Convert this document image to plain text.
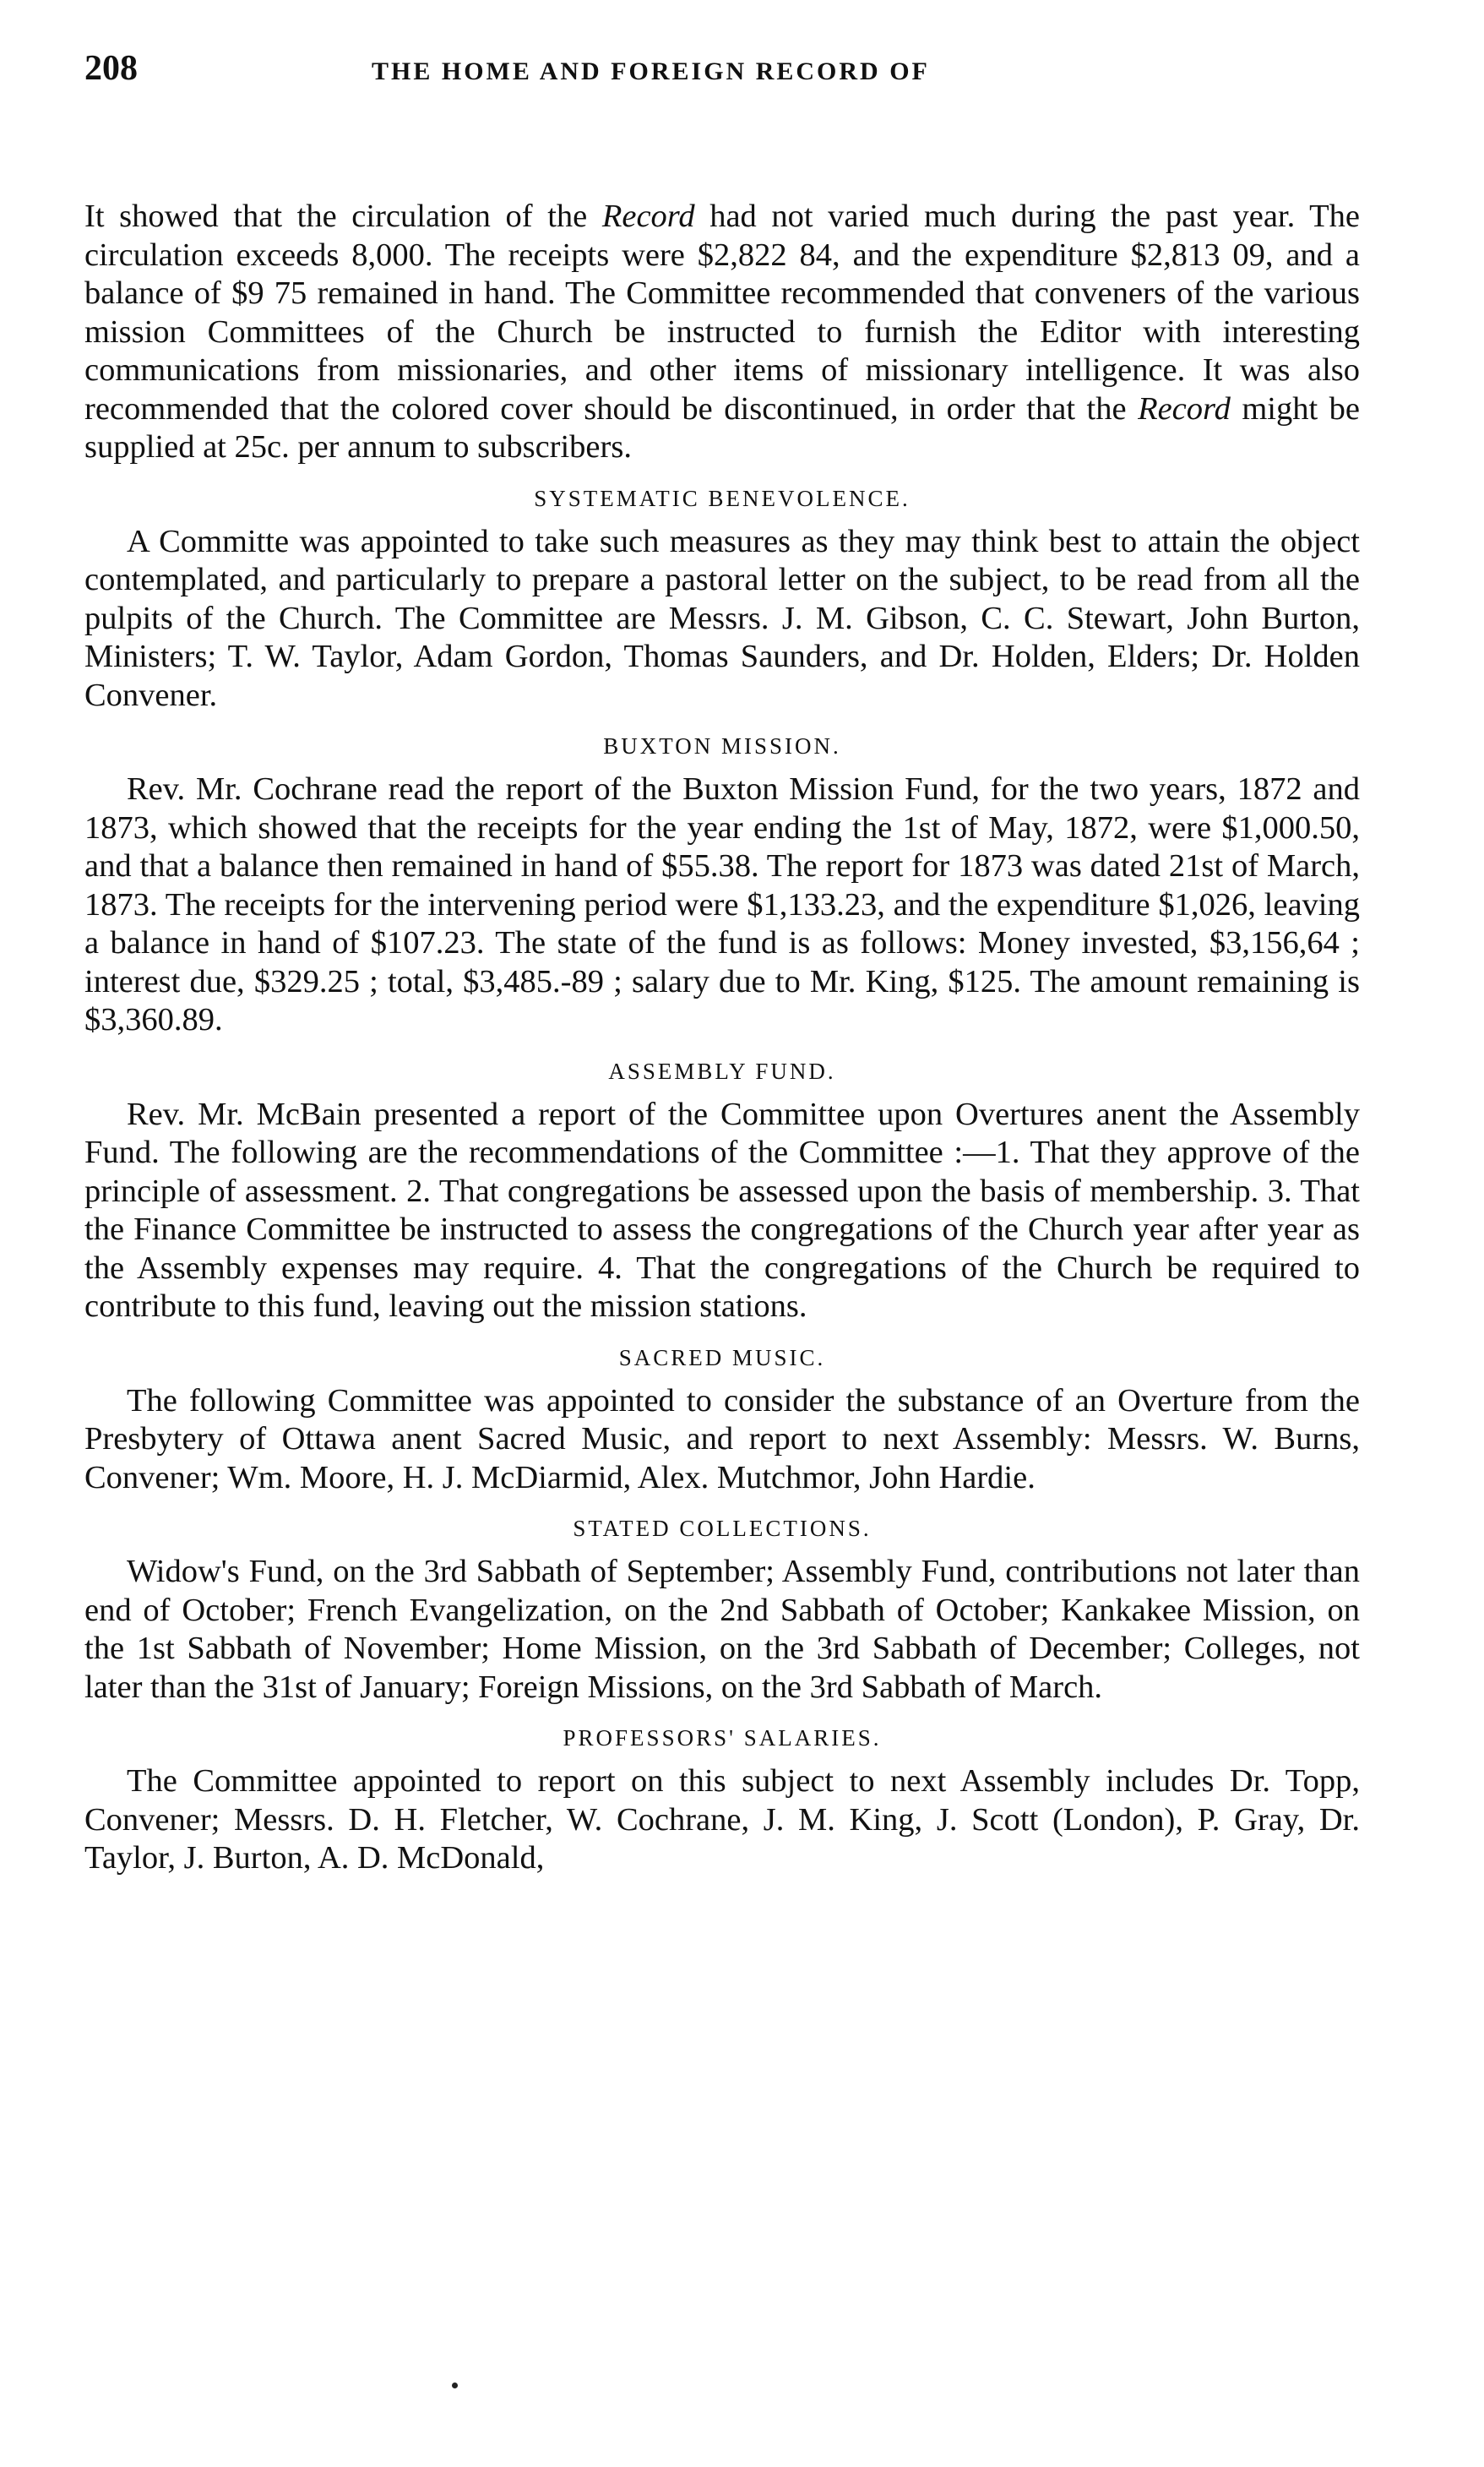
208	THE HOME AND FOREIGN RECORD OF

It showed that the circulation of the Record had not varied much during the past year. The circulation exceeds 8,000. The receipts were $2,822 84, and the expenditure $2,813 09, and a balance of $9 75 remained in hand. The Committee recommended that conveners of the various mission Committees of the Church be instructed to furnish the Editor with interesting communications from missionaries, and other items of missionary intelligence. It was also recommended that the colored cover should be discontinued, in order that the Record might be supplied at 25c. per annum to subscribers.

SYSTEMATIC BENEVOLENCE.

A Committe was appointed to take such measures as they may think best to attain the object contemplated, and particularly to prepare a pastoral letter on the subject, to be read from all the pulpits of the Church. The Committee are Messrs. J. M. Gibson, C. C. Stewart, John Burton, Ministers; T. W. Taylor, Adam Gordon, Thomas Saunders, and Dr. Holden, Elders; Dr. Holden Convener.

BUXTON MISSION.

Rev. Mr. Cochrane read the report of the Buxton Mission Fund, for the two years, 1872 and 1873, which showed that the receipts for the year ending the 1st of May, 1872, were $1,000.50, and that a balance then remained in hand of $55.38. The report for 1873 was dated 21st of March, 1873. The receipts for the intervening period were $1,133.23, and the expenditure $1,026, leaving a balance in hand of $107.23. The state of the fund is as follows: Money invested, $3,156,64 ; interest due, $329.25 ; total, $3,485.-89 ; salary due to Mr. King, $125. The amount remaining is $3,360.89.

ASSEMBLY FUND.

Rev. Mr. McBain presented a report of the Committee upon Overtures anent the Assembly Fund. The following are the recommendations of the Committee :—1. That they approve of the principle of assessment. 2. That congregations be assessed upon the basis of membership. 3. That the Finance Committee be instructed to assess the congregations of the Church year after year as the Assembly expenses may require. 4. That the congregations of the Church be required to contribute to this fund, leaving out the mission stations.

SACRED MUSIC.

The following Committee was appointed to consider the substance of an Overture from the Presbytery of Ottawa anent Sacred Music, and report to next Assembly: Messrs. W. Burns, Convener; Wm. Moore, H. J. McDiarmid, Alex. Mutchmor, John Hardie.

STATED COLLECTIONS.

Widow's Fund, on the 3rd Sabbath of September; Assembly Fund, contributions not later than end of October; French Evangelization, on the 2nd Sabbath of October; Kankakee Mission, on the 1st Sabbath of November; Home Mission, on the 3rd Sabbath of December; Colleges, not later than the 31st of January; Foreign Missions, on the 3rd Sabbath of March.

PROFESSORS' SALARIES.

The Committee appointed to report on this subject to next Assembly includes Dr. Topp, Convener; Messrs. D. H. Fletcher, W. Cochrane, J. M. King, J. Scott (London), P. Gray, Dr. Taylor, J. Burton, A. D. McDonald,
